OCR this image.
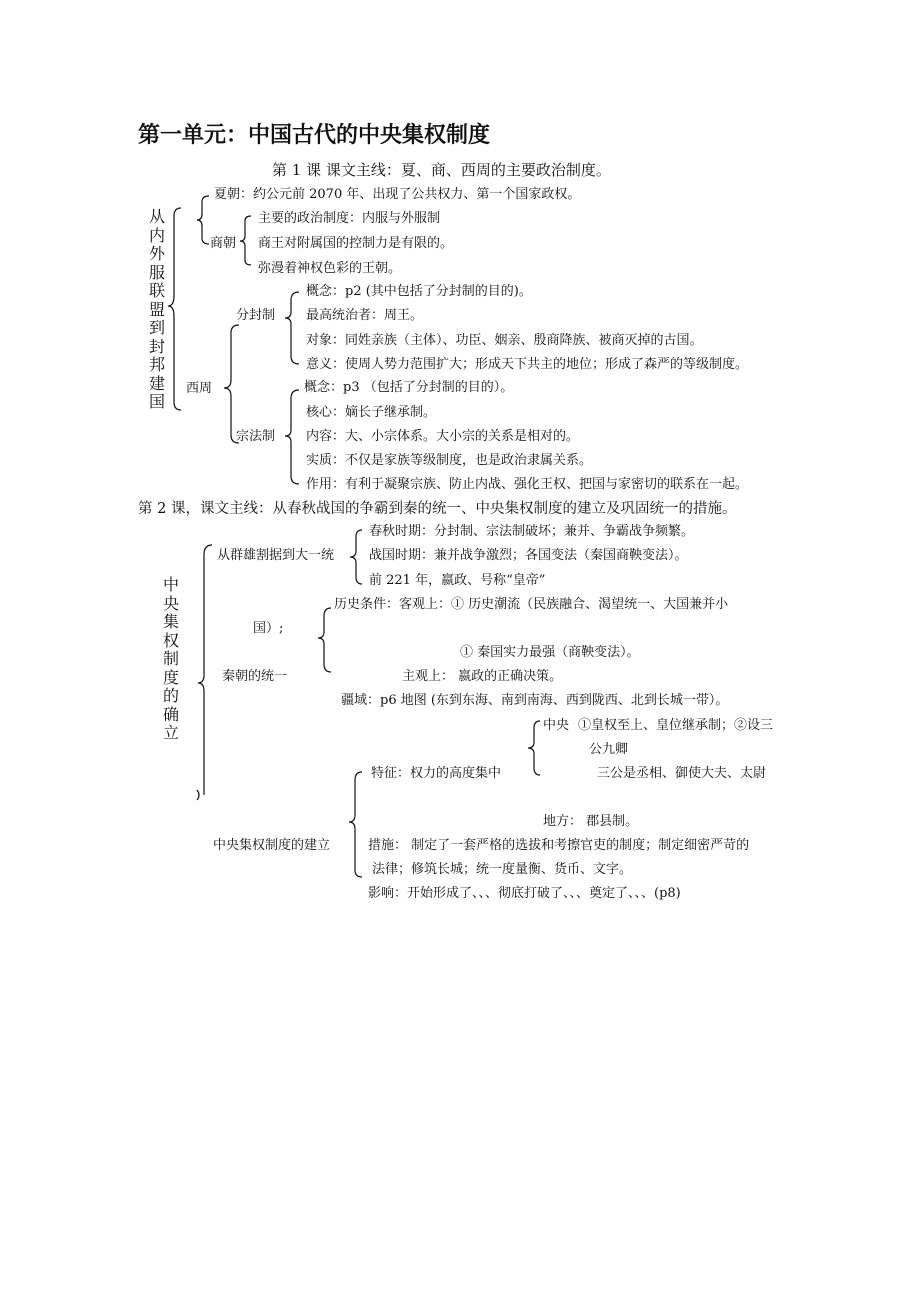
第一单元：中国古代的中央集权制度
第 1 课 课文主线：夏、商、西周的主要政治制度。
从内外服联盟到封邦建国
夏朝：约公元前 2070 年、出现了公共权力、第一个国家政权。
商朝
主要的政治制度：内服与外服制
商王对附属国的控制力是有限的。
弥漫着神权色彩的王朝。
西周
分封制
概念：p2 (其中包括了分封制的目的)。
最高统治者：周王。
对象：同姓亲族（主体）、功臣、姻亲、殷商降族、被商灭掉的古国。
意义：使周人势力范围扩大；形成天下共主的地位；形成了森严的等级制度。
宗法制
概念：p3 （包括了分封制的目的）。
核心：嫡长子继承制。
内容：大、小宗体系。大小宗的关系是相对的。
实质：不仅是家族等级制度，也是政治隶属关系。
作用：有利于凝聚宗族、防止内战、强化王权、把国与家密切的联系在一起。
第 2 课，课文主线：从春秋战国的争霸到秦的统一、中央集权制度的建立及巩固统一的措施。
中央集权制度的确立
从群雄割据到大一统
春秋时期：分封制、宗法制破坏；兼并、争霸战争频繁。
战国时期：兼并战争激烈；各国变法（秦国商鞅变法）。
前 221 年，嬴政、号称“皇帝”
秦朝的统一
历史条件：客观上：① 历史潮流（民族融合、渴望统一、大国兼并小
国）;
① 秦国实力最强（商鞅变法）。
主观上： 嬴政的正确决策。
疆域：p6 地图 (东到东海、南到南海、西到陇西、北到长城一带）。
中央集权制度的建立
特征：权力的高度集中
中央 ①皇权至上、皇位继承制；②设三
公九卿
三公是丞相、御使大夫、太尉
地方： 郡县制。
措施： 制定了一套严格的选拔和考擦官吏的制度；制定细密严苛的
法律；修筑长城；统一度量衡、货币、文字。
影响：开始形成了、、、彻底打破了、、、奠定了、、、(p8)
